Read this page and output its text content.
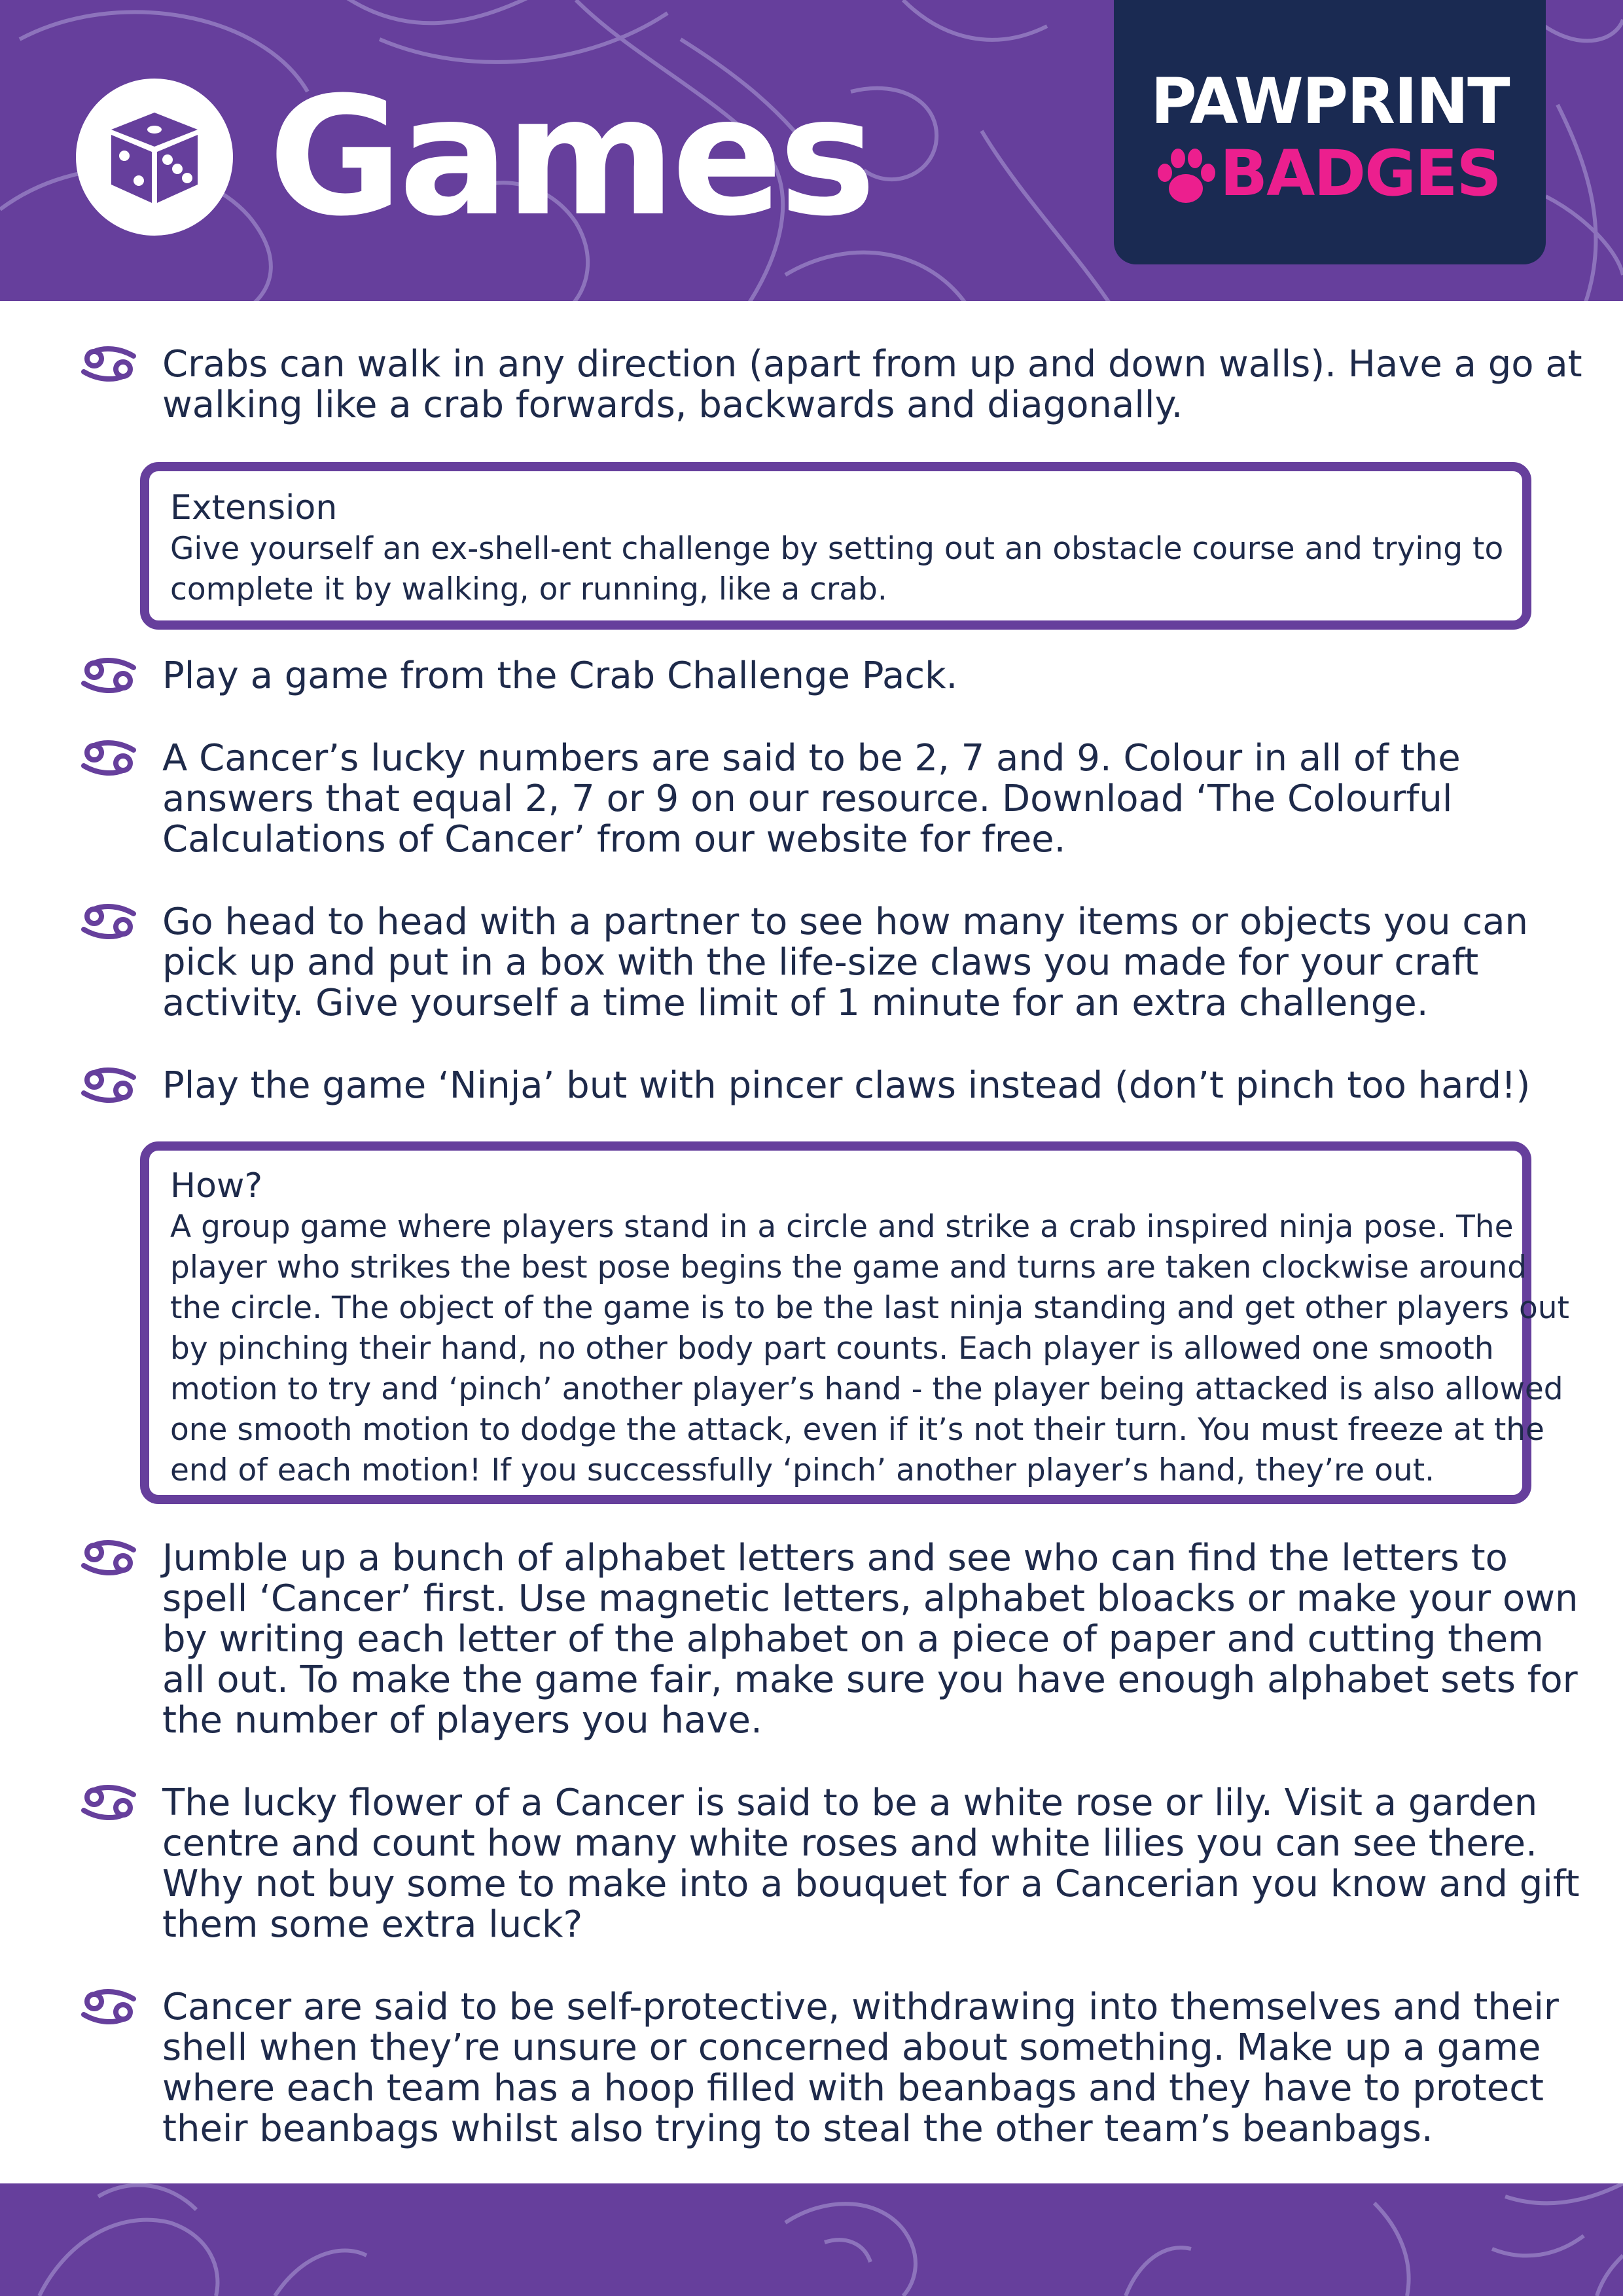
Games	PAWPRINT
BADGES
Crabs can walk in any direction (apart from up and down walls). Have a go at
walking like a crab forwards, backwards and diagonally.
Extension
Give yourself an ex-shell-ent challenge by setting out an obstacle course and trying to
complete it by walking, or running, like a crab.
Play a game from the Crab Challenge Pack.
A Cancer’s lucky numbers are said to be 2, 7 and 9. Colour in all of the
answers that equal 2, 7 or 9 on our resource. Download ‘The Colourful
Calculations of Cancer’ from our website for free.
Go head to head with a partner to see how many items or objects you can
pick up and put in a box with the life-size claws you made for your craft
activity. Give yourself a time limit of 1 minute for an extra challenge.
Play the game ‘Ninja’ but with pincer claws instead (don’t pinch too hard!)
How?
A group game where players stand in a circle and strike a crab inspired ninja pose. The
player who strikes the best pose begins the game and turns are taken clockwise around
the circle. The object of the game is to be the last ninja standing and get other players out
by pinching their hand, no other body part counts. Each player is allowed one smooth
motion to try and ‘pinch’ another player’s hand - the player being attacked is also allowed
one smooth motion to dodge the attack, even if it’s not their turn. You must freeze at the
end of each motion! If you successfully ‘pinch’ another player’s hand, they’re out.
Jumble up a bunch of alphabet letters and see who can find the letters to
spell ‘Cancer’ first. Use magnetic letters, alphabet bloacks or make your own
by writing each letter of the alphabet on a piece of paper and cutting them
all out. To make the game fair, make sure you have enough alphabet sets for
the number of players you have.
The lucky flower of a Cancer is said to be a white rose or lily. Visit a garden
centre and count how many white roses and white lilies you can see there.
Why not buy some to make into a bouquet for a Cancerian you know and gift
them some extra luck?
Cancer are said to be self-protective, withdrawing into themselves and their
shell when they’re unsure or concerned about something. Make up a game
where each team has a hoop filled with beanbags and they have to protect
their beanbags whilst also trying to steal the other team’s beanbags.
